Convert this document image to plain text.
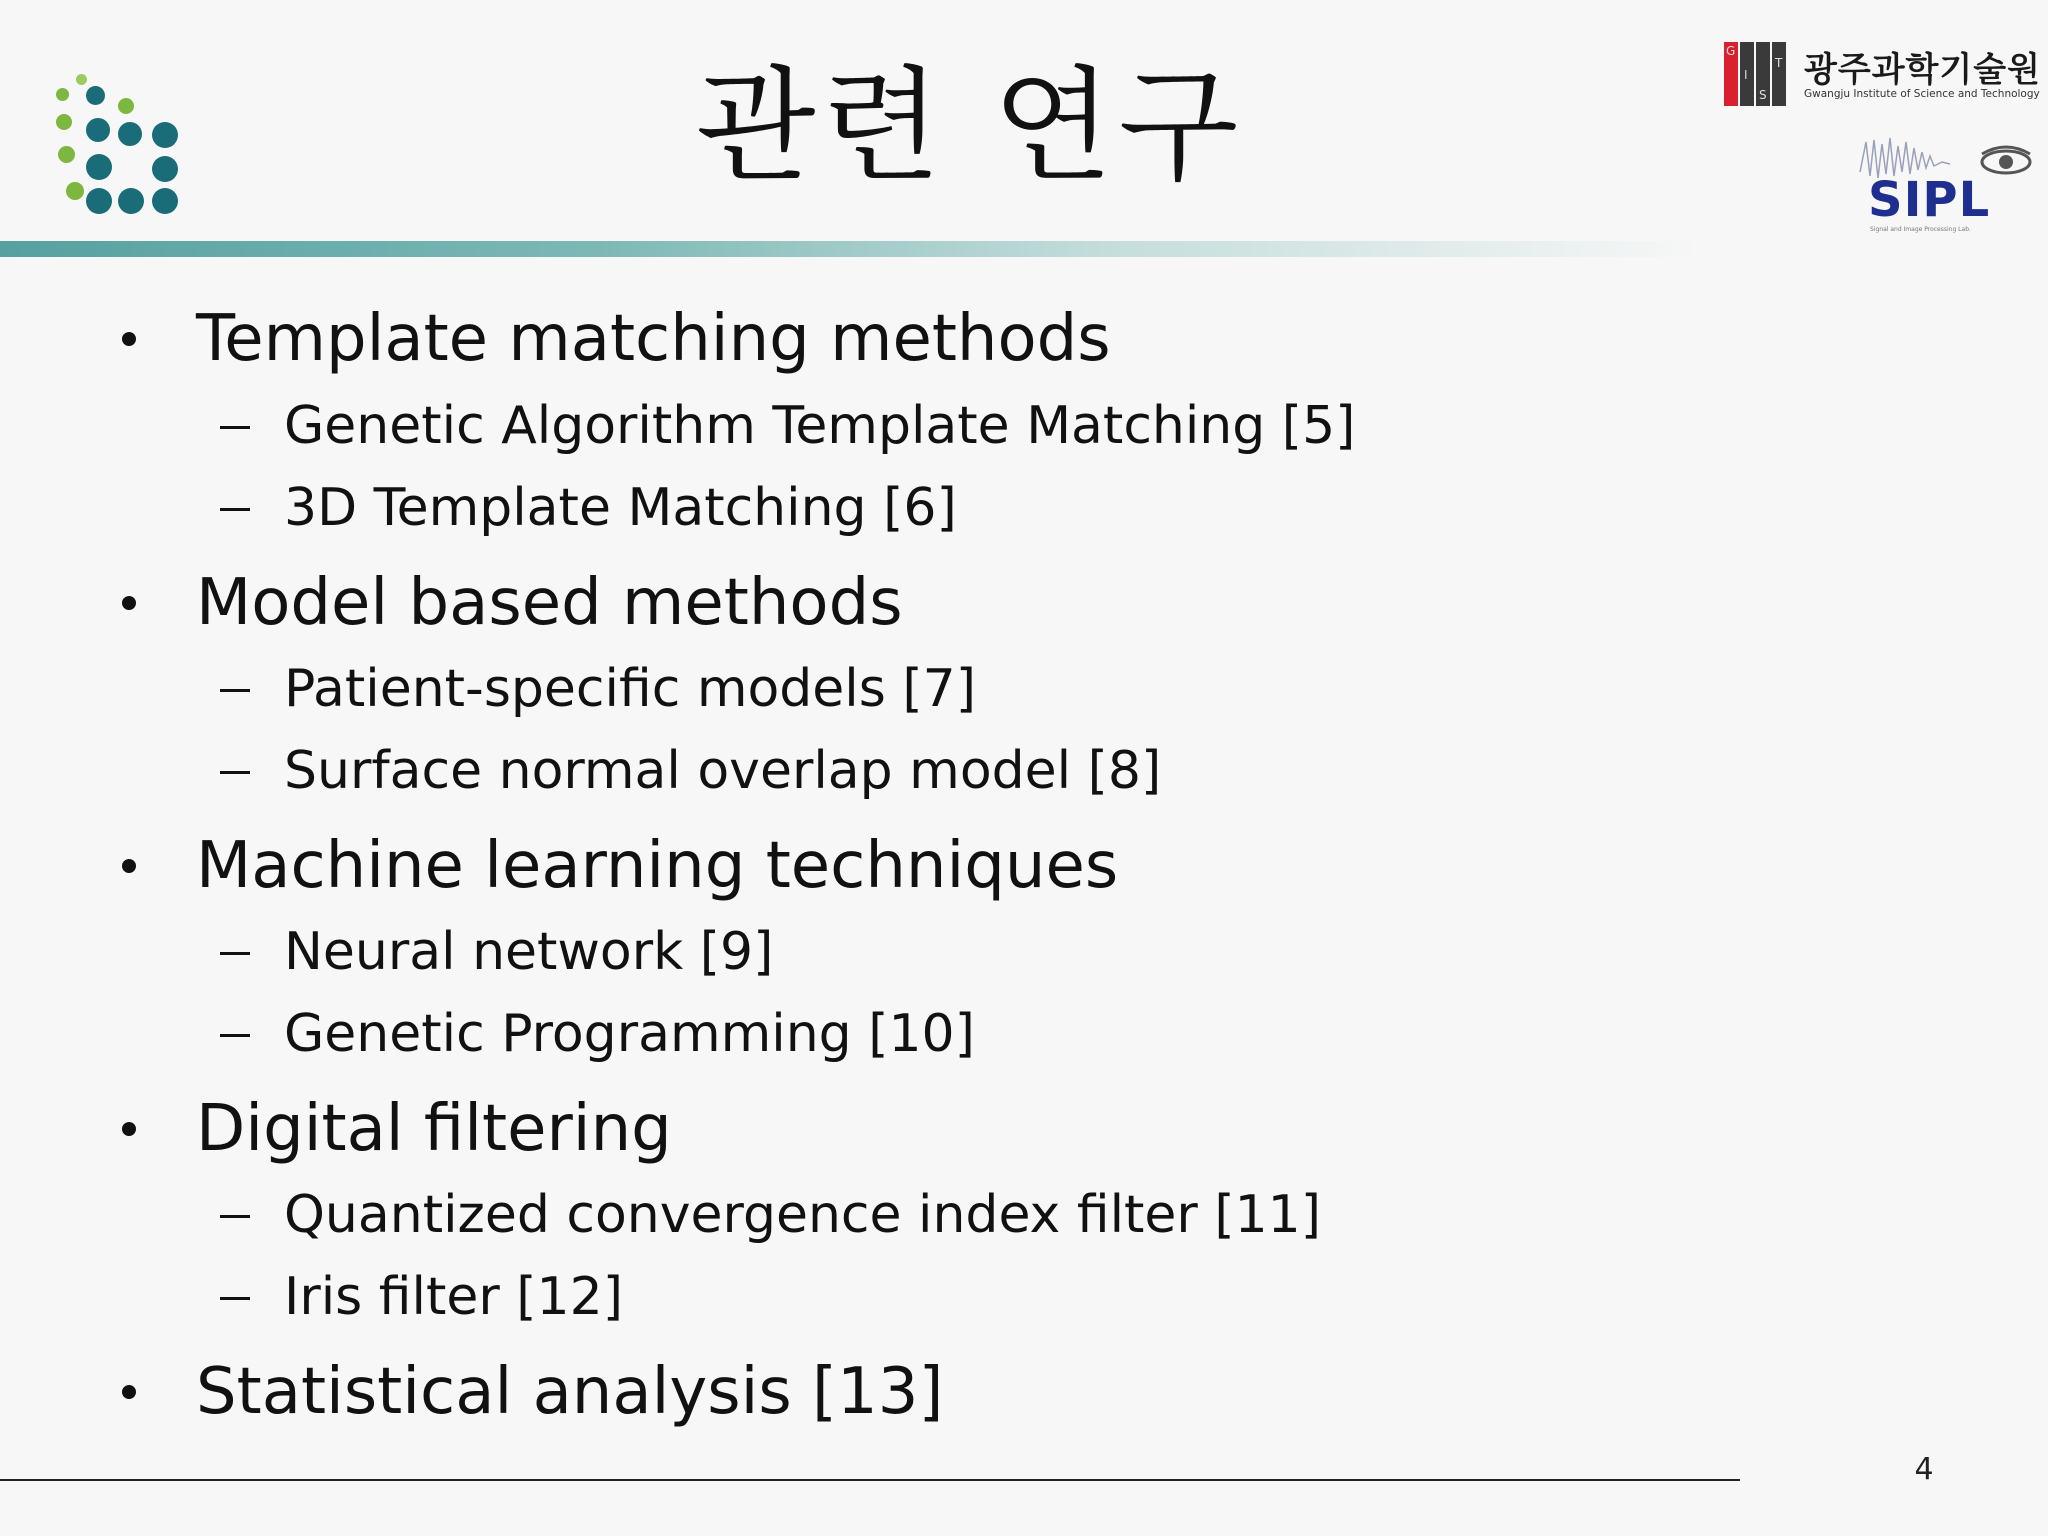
관련 연구
G
I
S
T 광주과학기술원
Gwangju Institute of Science and Technology
SIPL
Signal and Image Processing Lab.
Template matching methods
Genetic Algorithm Template Matching [5]
3D Template Matching [6]
Model based methods
Patient-specific models [7]
Surface normal overlap model [8]
Machine learning techniques
Neural network [9]
Genetic Programming [10]
Digital filtering
Quantized convergence index filter [11]
Iris filter [12]
Statistical analysis [13]
4
